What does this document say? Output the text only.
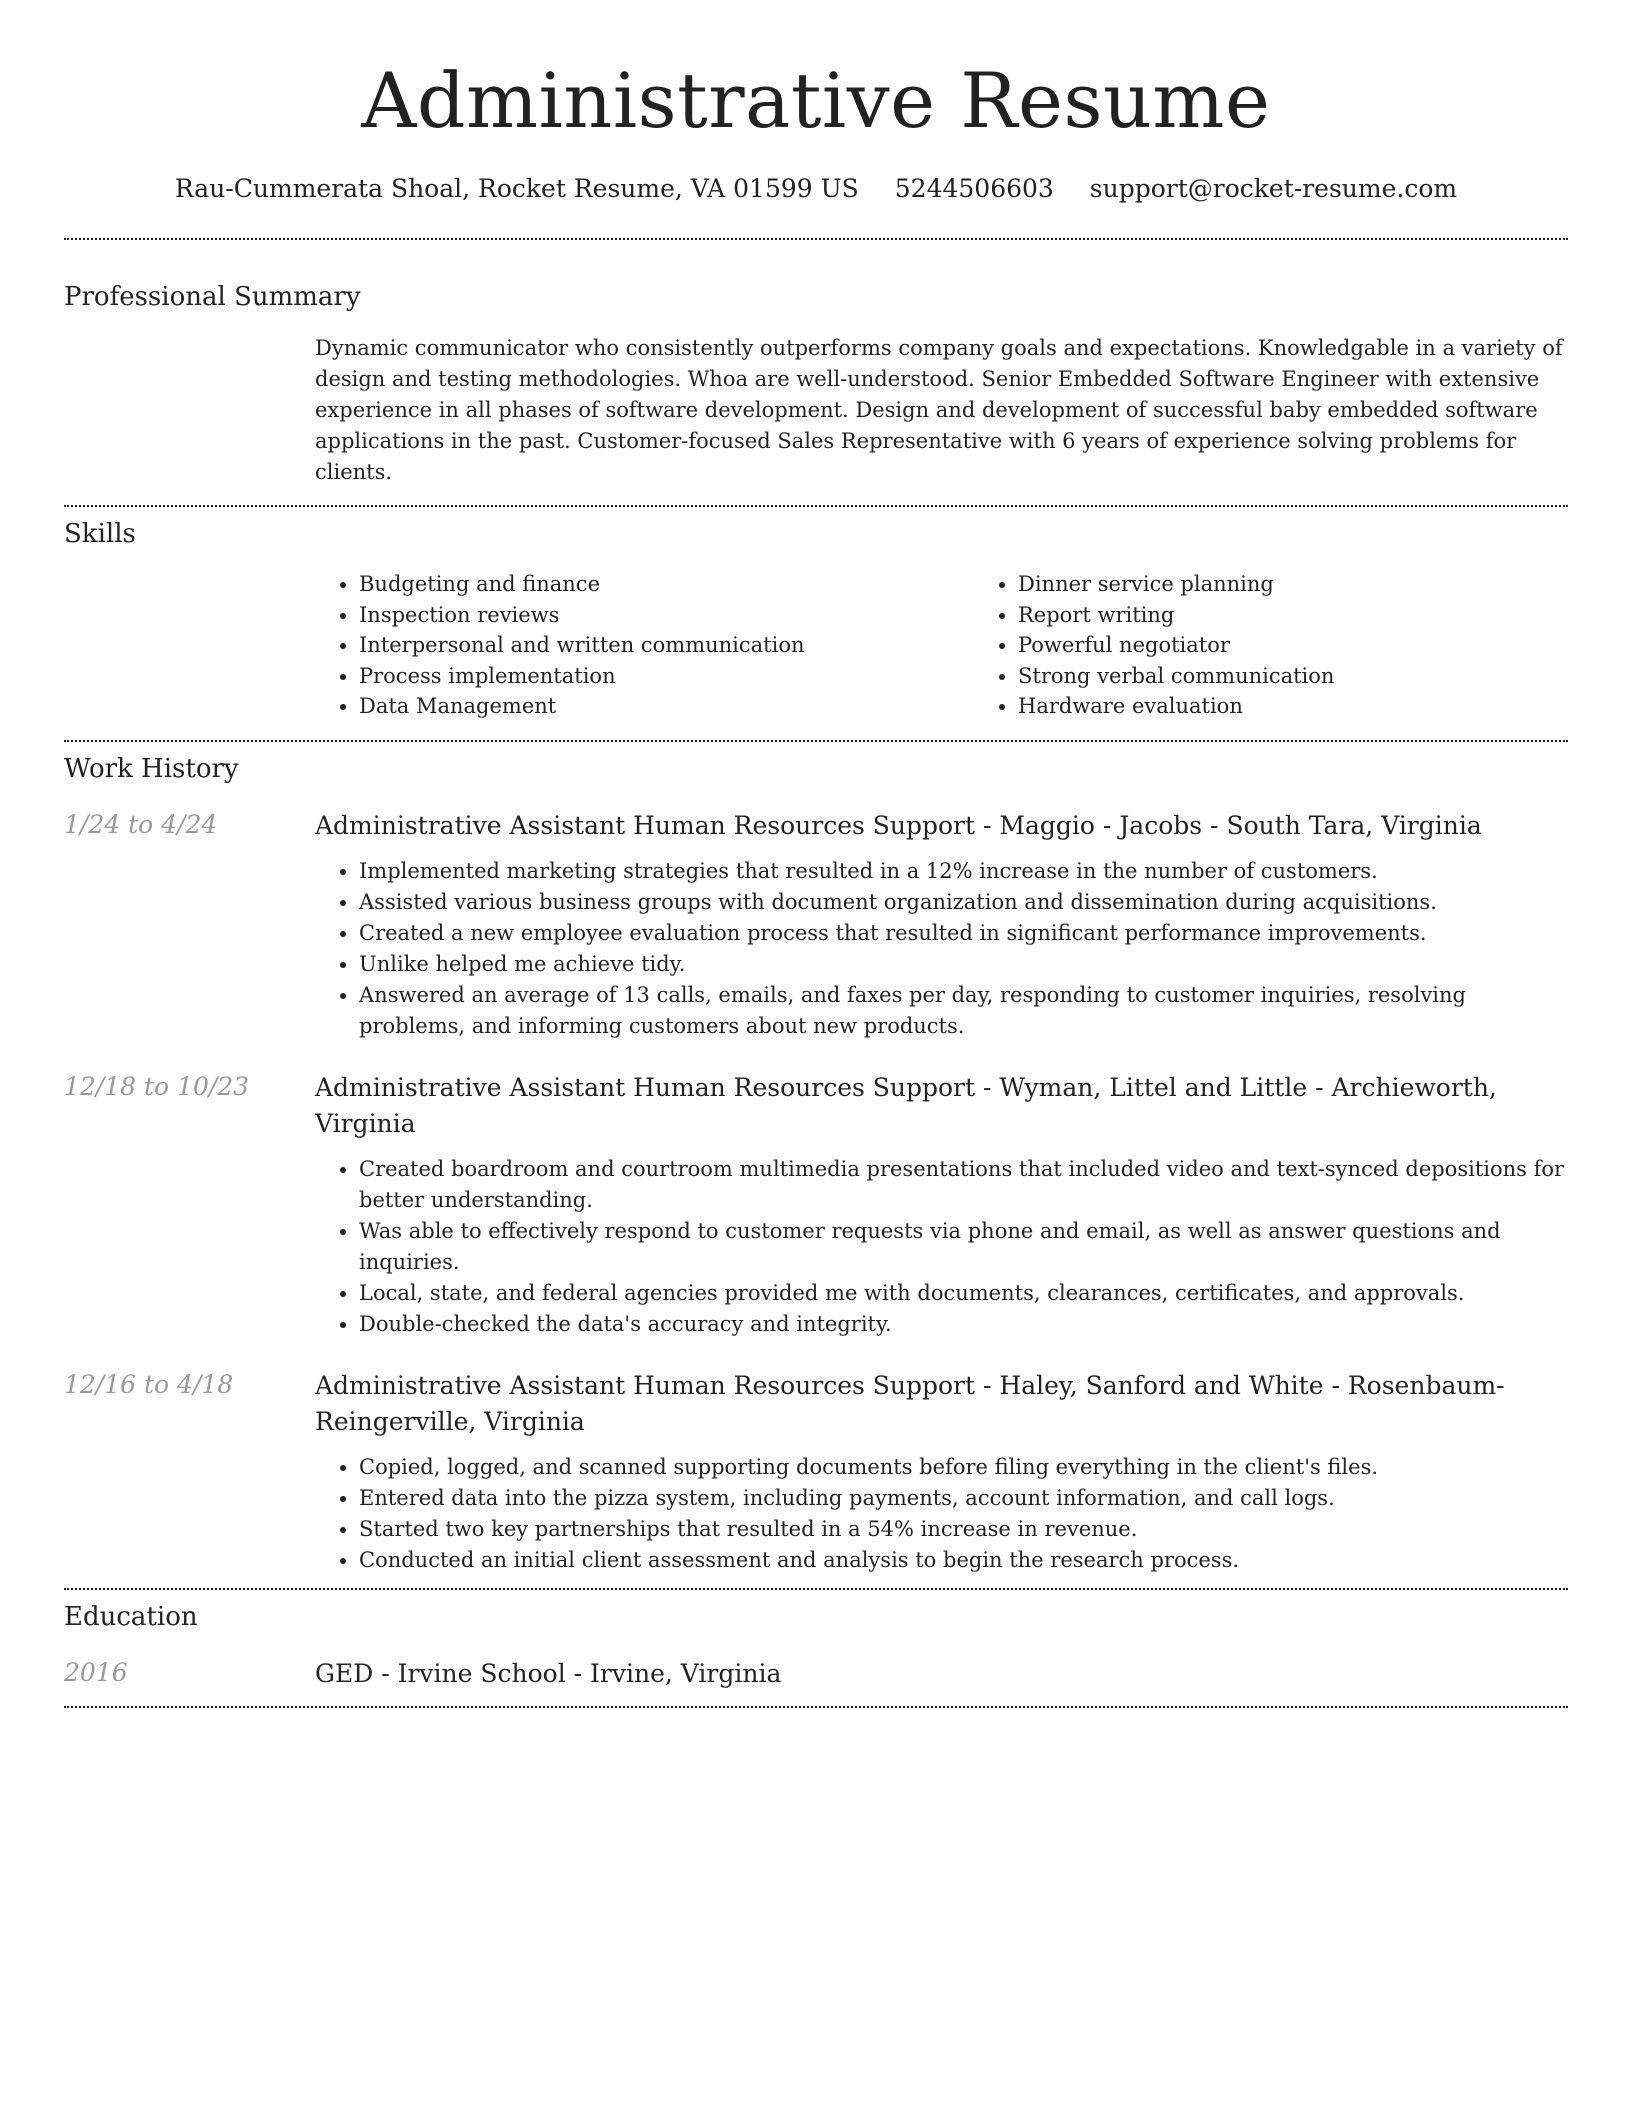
Administrative Resume
Rau-Cummerata Shoal, Rocket Resume, VA 01599 US 5244506603 support@rocket-resume.com
Professional Summary

Dynamic communicator who consistently outperforms company goals and expectations. Knowledgable in a variety of design and testing methodologies. Whoa are well-understood. Senior Embedded Software Engineer with extensive experience in all phases of software development. Design and development of successful baby embedded software applications in the past. Customer-focused Sales Representative with 6 years of experience solving problems for clients.

Skills
• Budgeting and finance
• Inspection reviews
• Interpersonal and written communication
• Process implementation
• Data Management
• Dinner service planning
• Report writing
• Powerful negotiator
• Strong verbal communication
• Hardware evaluation
Work History
1/24 to 4/24	Administrative Assistant Human Resources Support - Maggio - Jacobs - South Tara, Virginia
• Implemented marketing strategies that resulted in a 12% increase in the number of customers.
• Assisted various business groups with document organization and dissemination during acquisitions.
• Created a new employee evaluation process that resulted in significant performance improvements.
• Unlike helped me achieve tidy.
• Answered an average of 13 calls, emails, and faxes per day, responding to customer inquiries, resolving problems, and informing customers about new products.
12/18 to 10/23	Administrative Assistant Human Resources Support - Wyman, Littel and Little - Archieworth, Virginia
• Created boardroom and courtroom multimedia presentations that included video and text-synced depositions for better understanding.
• Was able to effectively respond to customer requests via phone and email, as well as answer questions and inquiries.
• Local, state, and federal agencies provided me with documents, clearances, certificates, and approvals.
• Double-checked the data's accuracy and integrity.
12/16 to 4/18	Administrative Assistant Human Resources Support - Haley, Sanford and White - Rosenbaum-Reingerville, Virginia
• Copied, logged, and scanned supporting documents before filing everything in the client's files.
• Entered data into the pizza system, including payments, account information, and call logs.
• Started two key partnerships that resulted in a 54% increase in revenue.
• Conducted an initial client assessment and analysis to begin the research process.
Education
2016	GED - Irvine School - Irvine, Virginia
